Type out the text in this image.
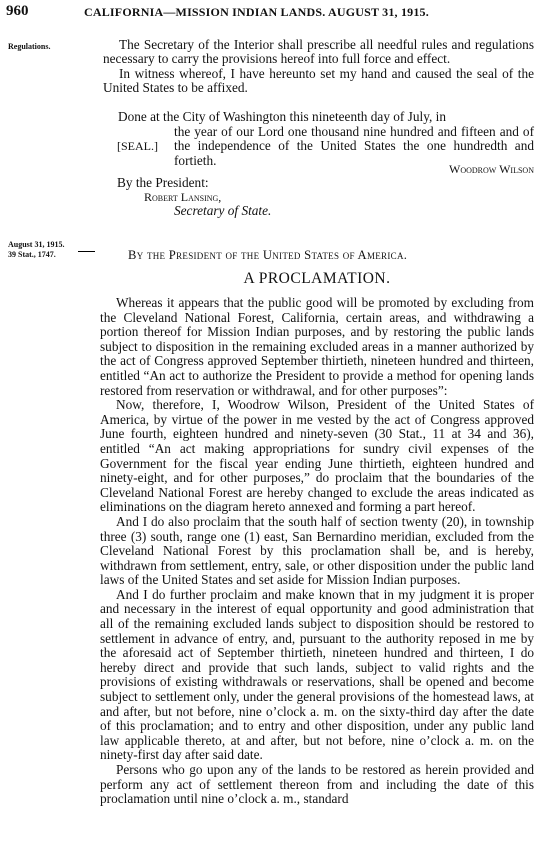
960	CALIFORNIA—MISSION INDIAN LANDS. AUGUST 31, 1915.
Regulations.	The Secretary of the Interior shall prescribe all needful rules and regulations necessary to carry the provisions hereof into full force and effect.
In witness whereof, I have hereunto set my hand and caused the seal of the United States to be affixed.
Done at the City of Washington this nineteenth day of July, in
the year of our Lord one thousand nine hundred and fifteen and of the independence of the United States the one hundredth and fortieth.
[SEAL.]
Woodrow Wilson
By the President:
Robert Lansing,
Secretary of State.
August 31, 1915.
39 Stat., 1747.	By the President of the United States of America.
A PROCLAMATION.

Whereas it appears that the public good will be promoted by excluding from the Cleveland National Forest, California, certain areas, and withdrawing a portion thereof for Mission Indian purposes, and by restoring the public lands subject to disposition in the remaining excluded areas in a manner authorized by the act of Congress approved September thirtieth, nineteen hundred and thirteen, entitled “An act to authorize the President to provide a method for opening lands restored from reservation or withdrawal, and for other purposes”:

Now, therefore, I, Woodrow Wilson, President of the United States of America, by virtue of the power in me vested by the act of Congress approved June fourth, eighteen hundred and ninety-seven (30 Stat., 11 at 34 and 36), entitled “An act making appropriations for sundry civil expenses of the Government for the fiscal year ending June thirtieth, eighteen hundred and ninety-eight, and for other purposes,” do proclaim that the boundaries of the Cleveland National Forest are hereby changed to exclude the areas indicated as eliminations on the diagram hereto annexed and forming a part hereof.

And I do also proclaim that the south half of section twenty (20), in township three (3) south, range one (1) east, San Bernardino meridian, excluded from the Cleveland National Forest by this proclamation shall be, and is hereby, withdrawn from settlement, entry, sale, or other disposition under the public land laws of the United States and set aside for Mission Indian purposes.

And I do further proclaim and make known that in my judgment it is proper and necessary in the interest of equal opportunity and good administration that all of the remaining excluded lands subject to disposition should be restored to settlement in advance of entry, and, pursuant to the authority reposed in me by the aforesaid act of September thirtieth, nineteen hundred and thirteen, I do hereby direct and provide that such lands, subject to valid rights and the provisions of existing withdrawals or reservations, shall be opened and become subject to settlement only, under the general provisions of the homestead laws, at and after, but not before, nine o’clock a. m. on the sixty-third day after the date of this proclamation; and to entry and other disposition, under any public land law applicable thereto, at and after, but not before, nine o’clock a. m. on the ninety-first day after said date.

Persons who go upon any of the lands to be restored as herein provided and perform any act of settlement thereon from and including the date of this proclamation until nine o’clock a. m., standard
